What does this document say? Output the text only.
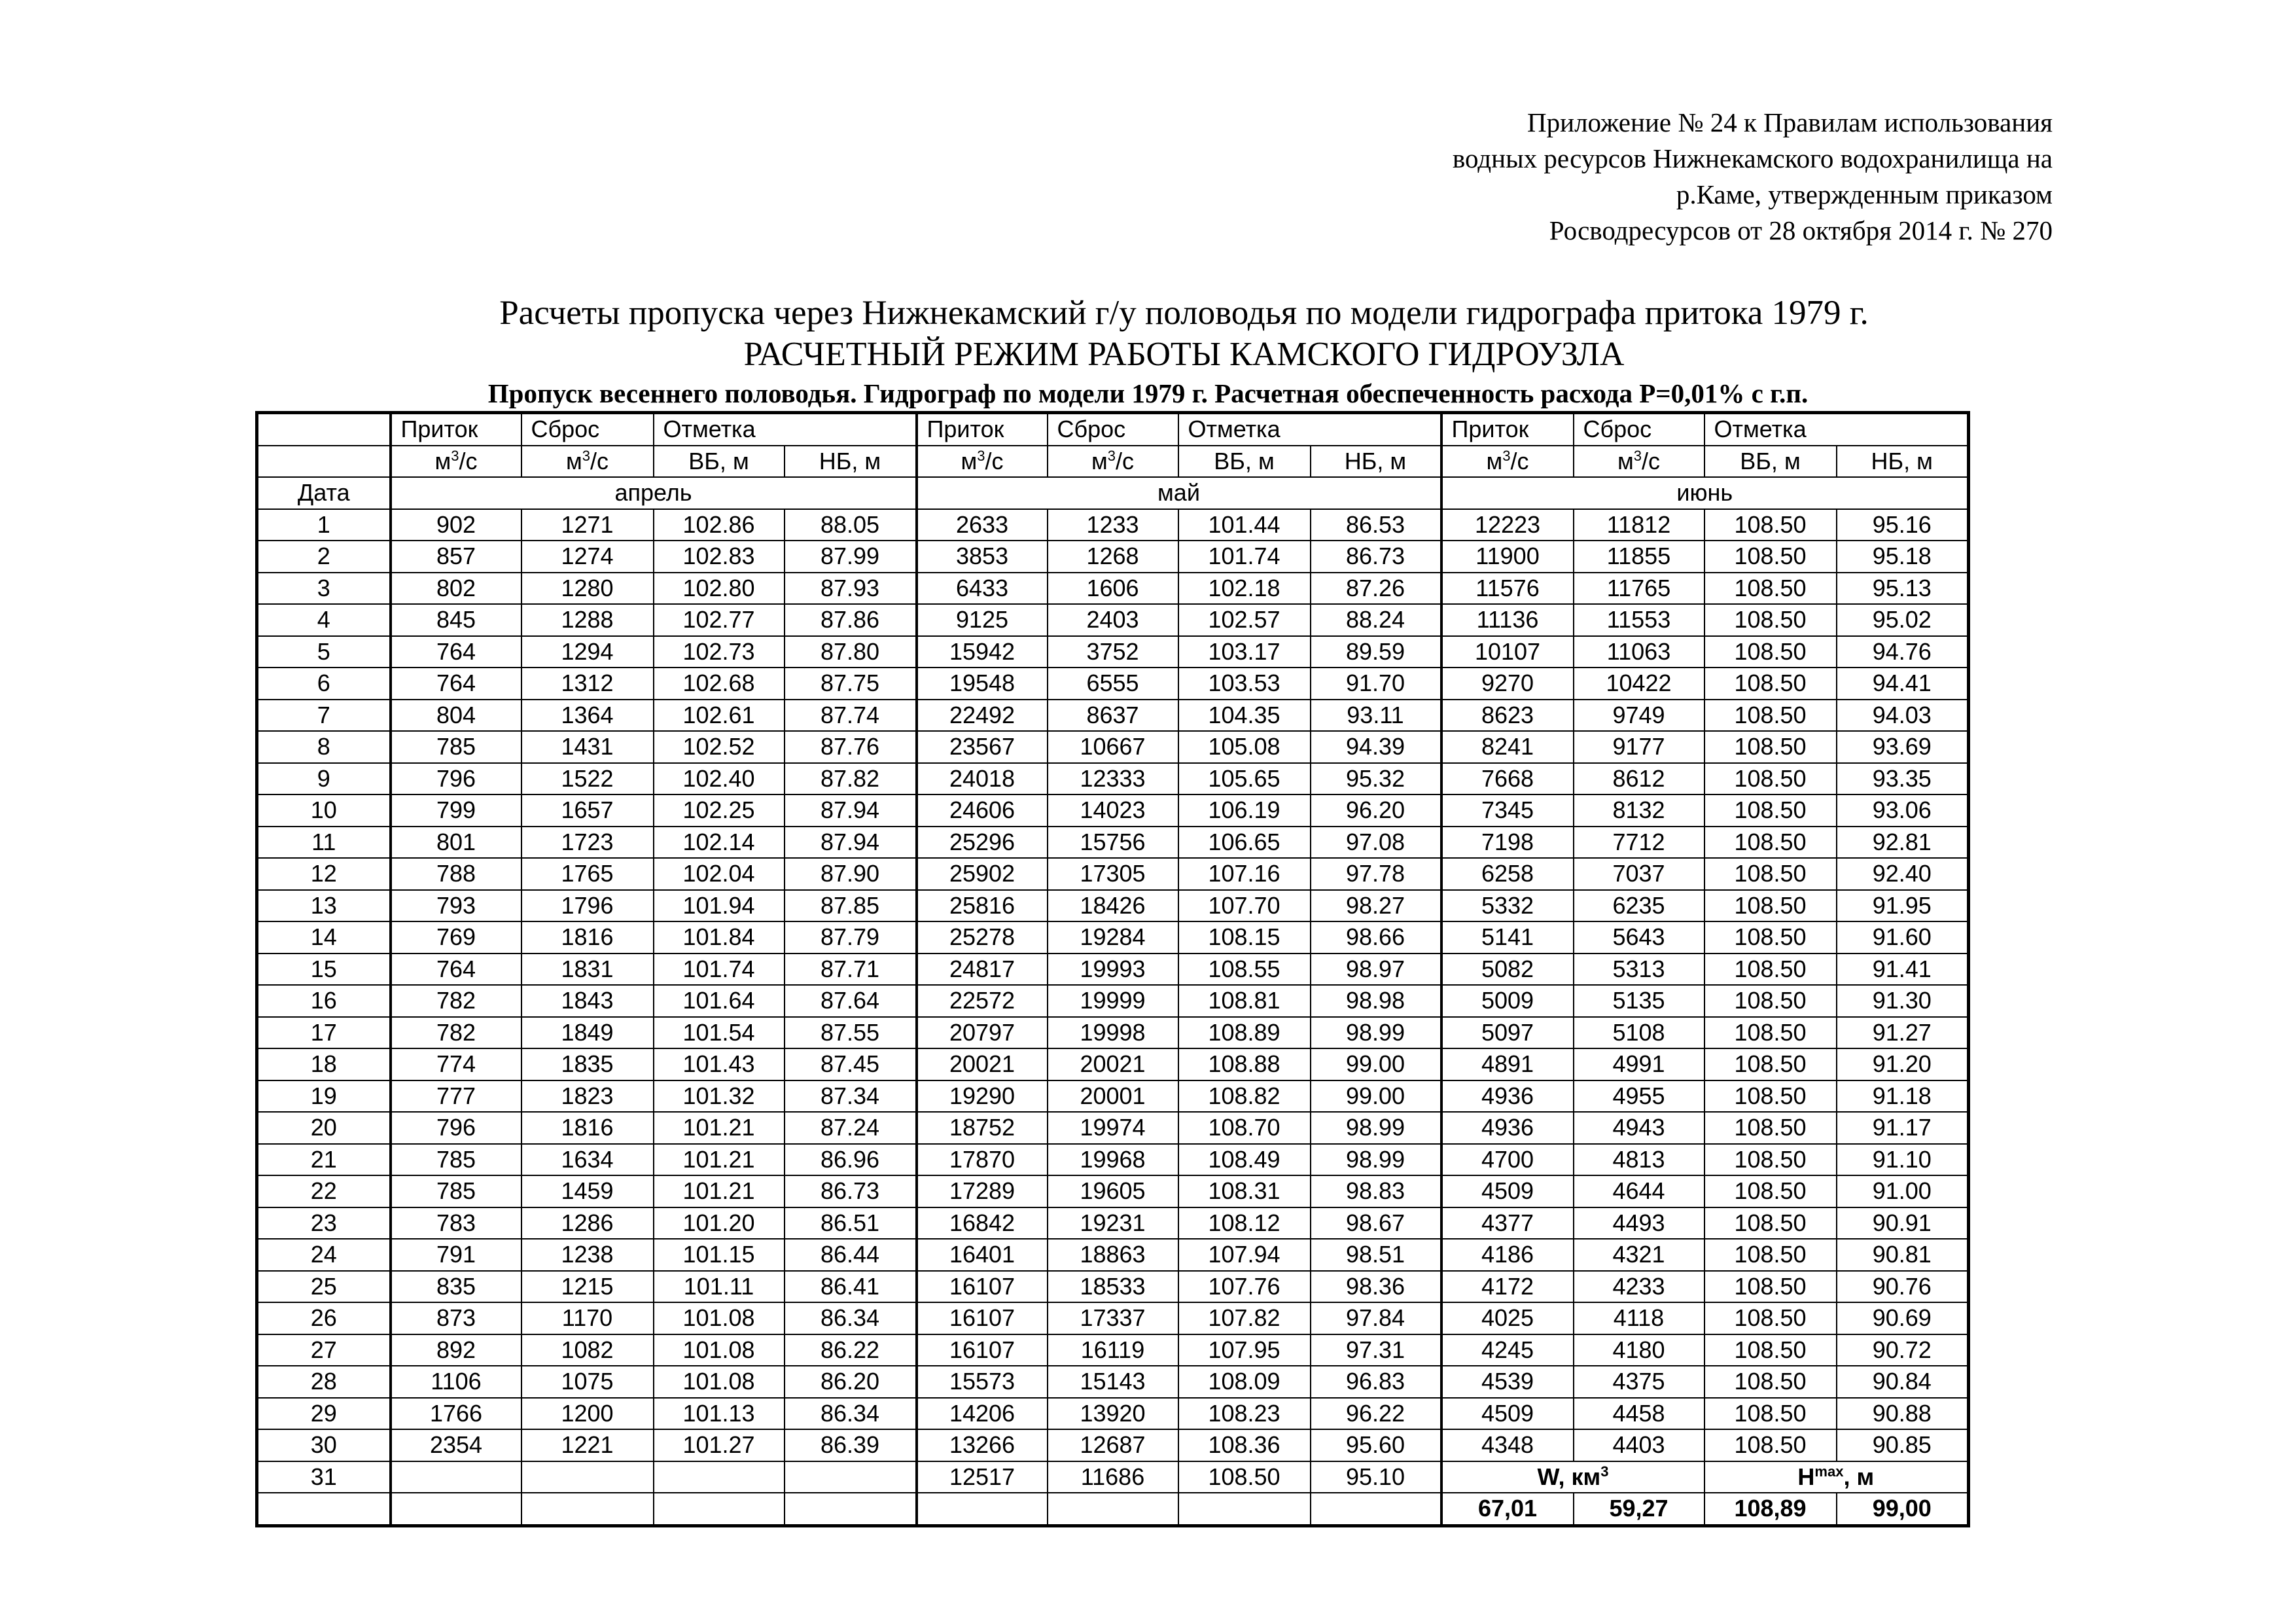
Приложение № 24 к Правилам использования
водных ресурсов Нижнекамского водохранилища на
р.Каме, утвержденным приказом
Росводресурсов от 28 октября 2014 г. № 270
Расчеты пропуска через Нижнекамский г/у половодья по модели гидрографа притока 1979 г.
РАСЧЕТНЫЙ РЕЖИМ РАБОТЫ КАМСКОГО ГИДРОУЗЛА
Пропуск весеннего половодья. Гидрограф по модели 1979 г. Расчетная обеспеченность расхода P=0,01% с г.п.
	Приток	Сброс	Отметка		Приток	Сброс	Отметка		Приток	Сброс	Отметка	
	$м^3/с$	$м^3/с$	ВБ, м	НБ, м	$м^3/с$	$м^3/с$	ВБ, м	НБ, м	$м^3/с$	$м^3/с$	ВБ, м	НБ, м
Дата	апрель				май				июнь			
1	902	1271	102.86	88.05	2633	1233	101.44	86.53	12223	11812	108.50	95.16
2	857	1274	102.83	87.99	3853	1268	101.74	86.73	11900	11855	108.50	95.18
3	802	1280	102.80	87.93	6433	1606	102.18	87.26	11576	11765	108.50	95.13
4	845	1288	102.77	87.86	9125	2403	102.57	88.24	11136	11553	108.50	95.02
5	764	1294	102.73	87.80	15942	3752	103.17	89.59	10107	11063	108.50	94.76
6	764	1312	102.68	87.75	19548	6555	103.53	91.70	9270	10422	108.50	94.41
7	804	1364	102.61	87.74	22492	8637	104.35	93.11	8623	9749	108.50	94.03
8	785	1431	102.52	87.76	23567	10667	105.08	94.39	8241	9177	108.50	93.69
9	796	1522	102.40	87.82	24018	12333	105.65	95.32	7668	8612	108.50	93.35
10	799	1657	102.25	87.94	24606	14023	106.19	96.20	7345	8132	108.50	93.06
11	801	1723	102.14	87.94	25296	15756	106.65	97.08	7198	7712	108.50	92.81
12	788	1765	102.04	87.90	25902	17305	107.16	97.78	6258	7037	108.50	92.40
13	793	1796	101.94	87.85	25816	18426	107.70	98.27	5332	6235	108.50	91.95
14	769	1816	101.84	87.79	25278	19284	108.15	98.66	5141	5643	108.50	91.60
15	764	1831	101.74	87.71	24817	19993	108.55	98.97	5082	5313	108.50	91.41
16	782	1843	101.64	87.64	22572	19999	108.81	98.98	5009	5135	108.50	91.30
17	782	1849	101.54	87.55	20797	19998	108.89	98.99	5097	5108	108.50	91.27
18	774	1835	101.43	87.45	20021	20021	108.88	99.00	4891	4991	108.50	91.20
19	777	1823	101.32	87.34	19290	20001	108.82	99.00	4936	4955	108.50	91.18
20	796	1816	101.21	87.24	18752	19974	108.70	98.99	4936	4943	108.50	91.17
21	785	1634	101.21	86.96	17870	19968	108.49	98.99	4700	4813	108.50	91.10
22	785	1459	101.21	86.73	17289	19605	108.31	98.83	4509	4644	108.50	91.00
23	783	1286	101.20	86.51	16842	19231	108.12	98.67	4377	4493	108.50	90.91
24	791	1238	101.15	86.44	16401	18863	107.94	98.51	4186	4321	108.50	90.81
25	835	1215	101.11	86.41	16107	18533	107.76	98.36	4172	4233	108.50	90.76
26	873	1170	101.08	86.34	16107	17337	107.82	97.84	4025	4118	108.50	90.69
27	892	1082	101.08	86.22	16107	16119	107.95	97.31	4245	4180	108.50	90.72
28	1106	1075	101.08	86.20	15573	15143	108.09	96.83	4539	4375	108.50	90.84
29	1766	1200	101.13	86.34	14206	13920	108.23	96.22	4509	4458	108.50	90.88
30	2354	1221	101.27	86.39	13266	12687	108.36	95.60	4348	4403	108.50	90.85
31					12517	11686	108.50	95.10	W, $км^3$		$H^{max}$, м	
									67,01	59,27	108,89	99,00
